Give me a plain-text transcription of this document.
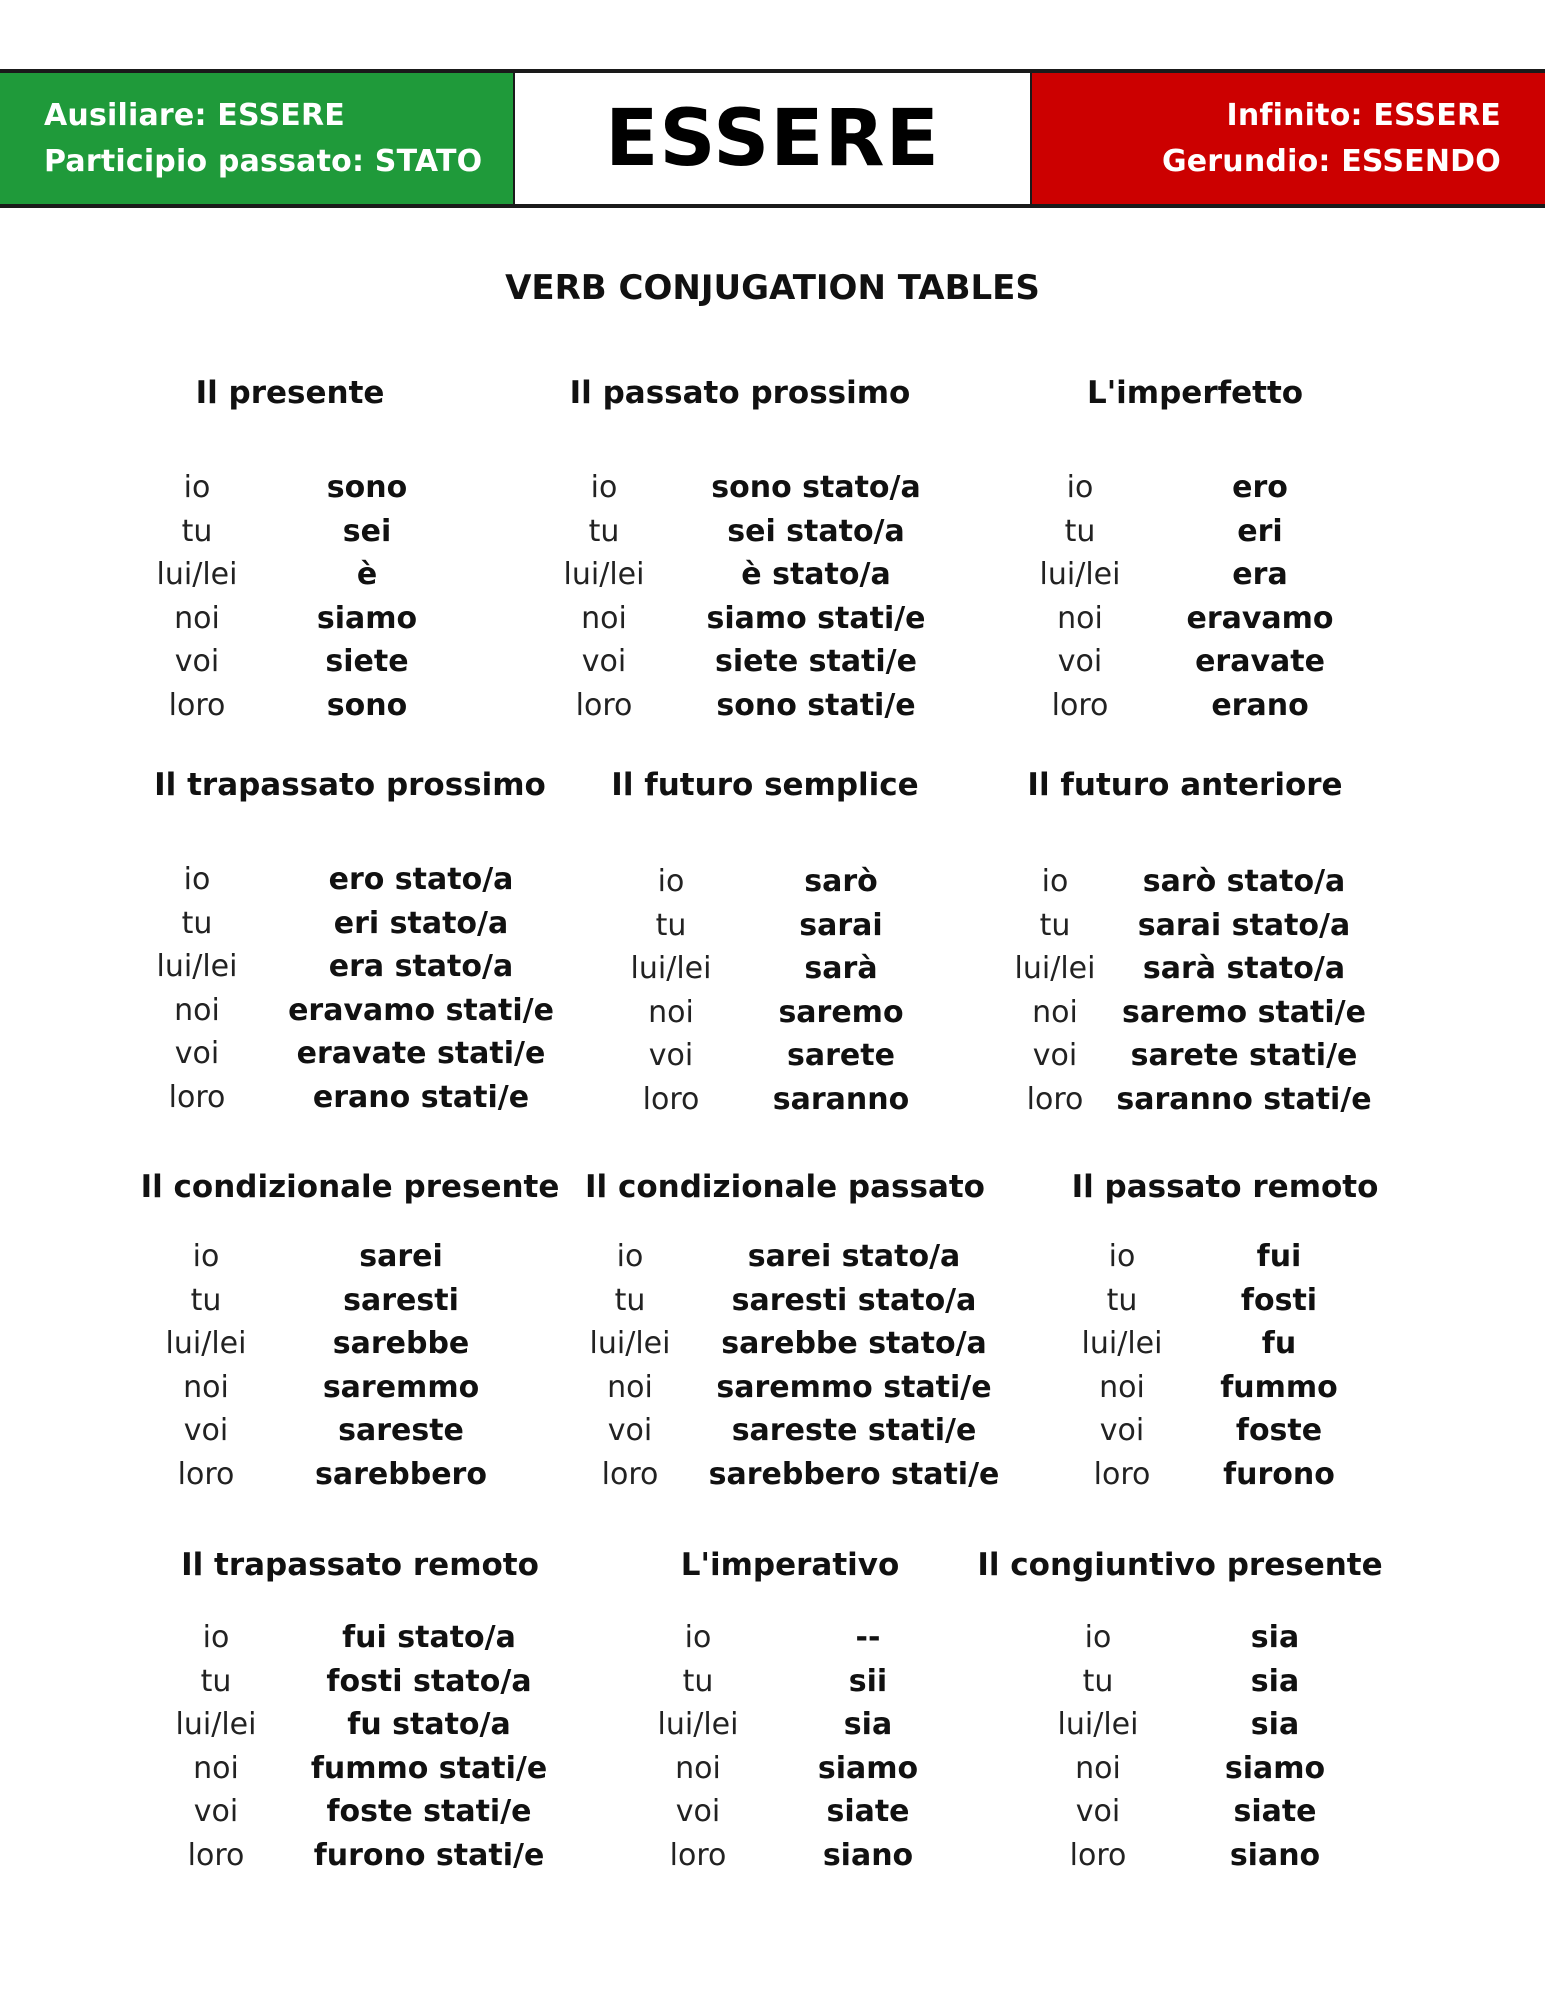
Ausiliare: ESSERE
Participio passato: STATO	ESSERE	Infinito: ESSERE
Gerundio: ESSENDO
VERB CONJUGATION TABLES
Il presente
io	sono
tu	sei
lui/lei	è
noi	siamo
voi	siete
loro	sono
Il passato prossimo
io	sono stato/a
tu	sei stato/a
lui/lei	è stato/a
noi	siamo stati/e
voi	siete stati/e
loro	sono stati/e
L'imperfetto
io	ero
tu	eri
lui/lei	era
noi	eravamo
voi	eravate
loro	erano
Il trapassato prossimo
io	ero stato/a
tu	eri stato/a
lui/lei	era stato/a
noi eravamo stati/e
voi	eravate stati/e
loro	erano stati/e
Il futuro semplice
io	sarò
tu	sarai
lui/lei	sarà
noi	saremo
voi	sarete
loro saranno
Il futuro anteriore
io sarò stato/a
tu sarai stato/a
lui/lei sarà stato/a
noi saremo stati/e
voi sarete stati/e
loro saranno stati/e
Il condizionale presente
io	sarei
tu	saresti
lui/lei	sarebbe
noi	saremmo
voi	sareste
loro	sarebbero
Il condizionale passato
io	sarei stato/a
tu	saresti stato/a
lui/lei sarebbe stato/a
noi saremmo stati/e
voi	sareste stati/e
loro sarebbero stati/e
Il passato remoto
io	fui
tu	fosti
lui/lei	fu
noi	fummo
voi	foste
loro furono
Il trapassato remoto
io	fui stato/a
tu	fosti stato/a
lui/lei	fu stato/a
noi fummo stati/e
voi	foste stati/e
loro furono stati/e
L'imperativo
io	--
tu	sii
lui/lei	sia
noi	siamo
voi	siate
loro	siano
Il congiuntivo presente
io	sia
tu	sia
lui/lei	sia
noi	siamo
voi	siate
loro	siano
